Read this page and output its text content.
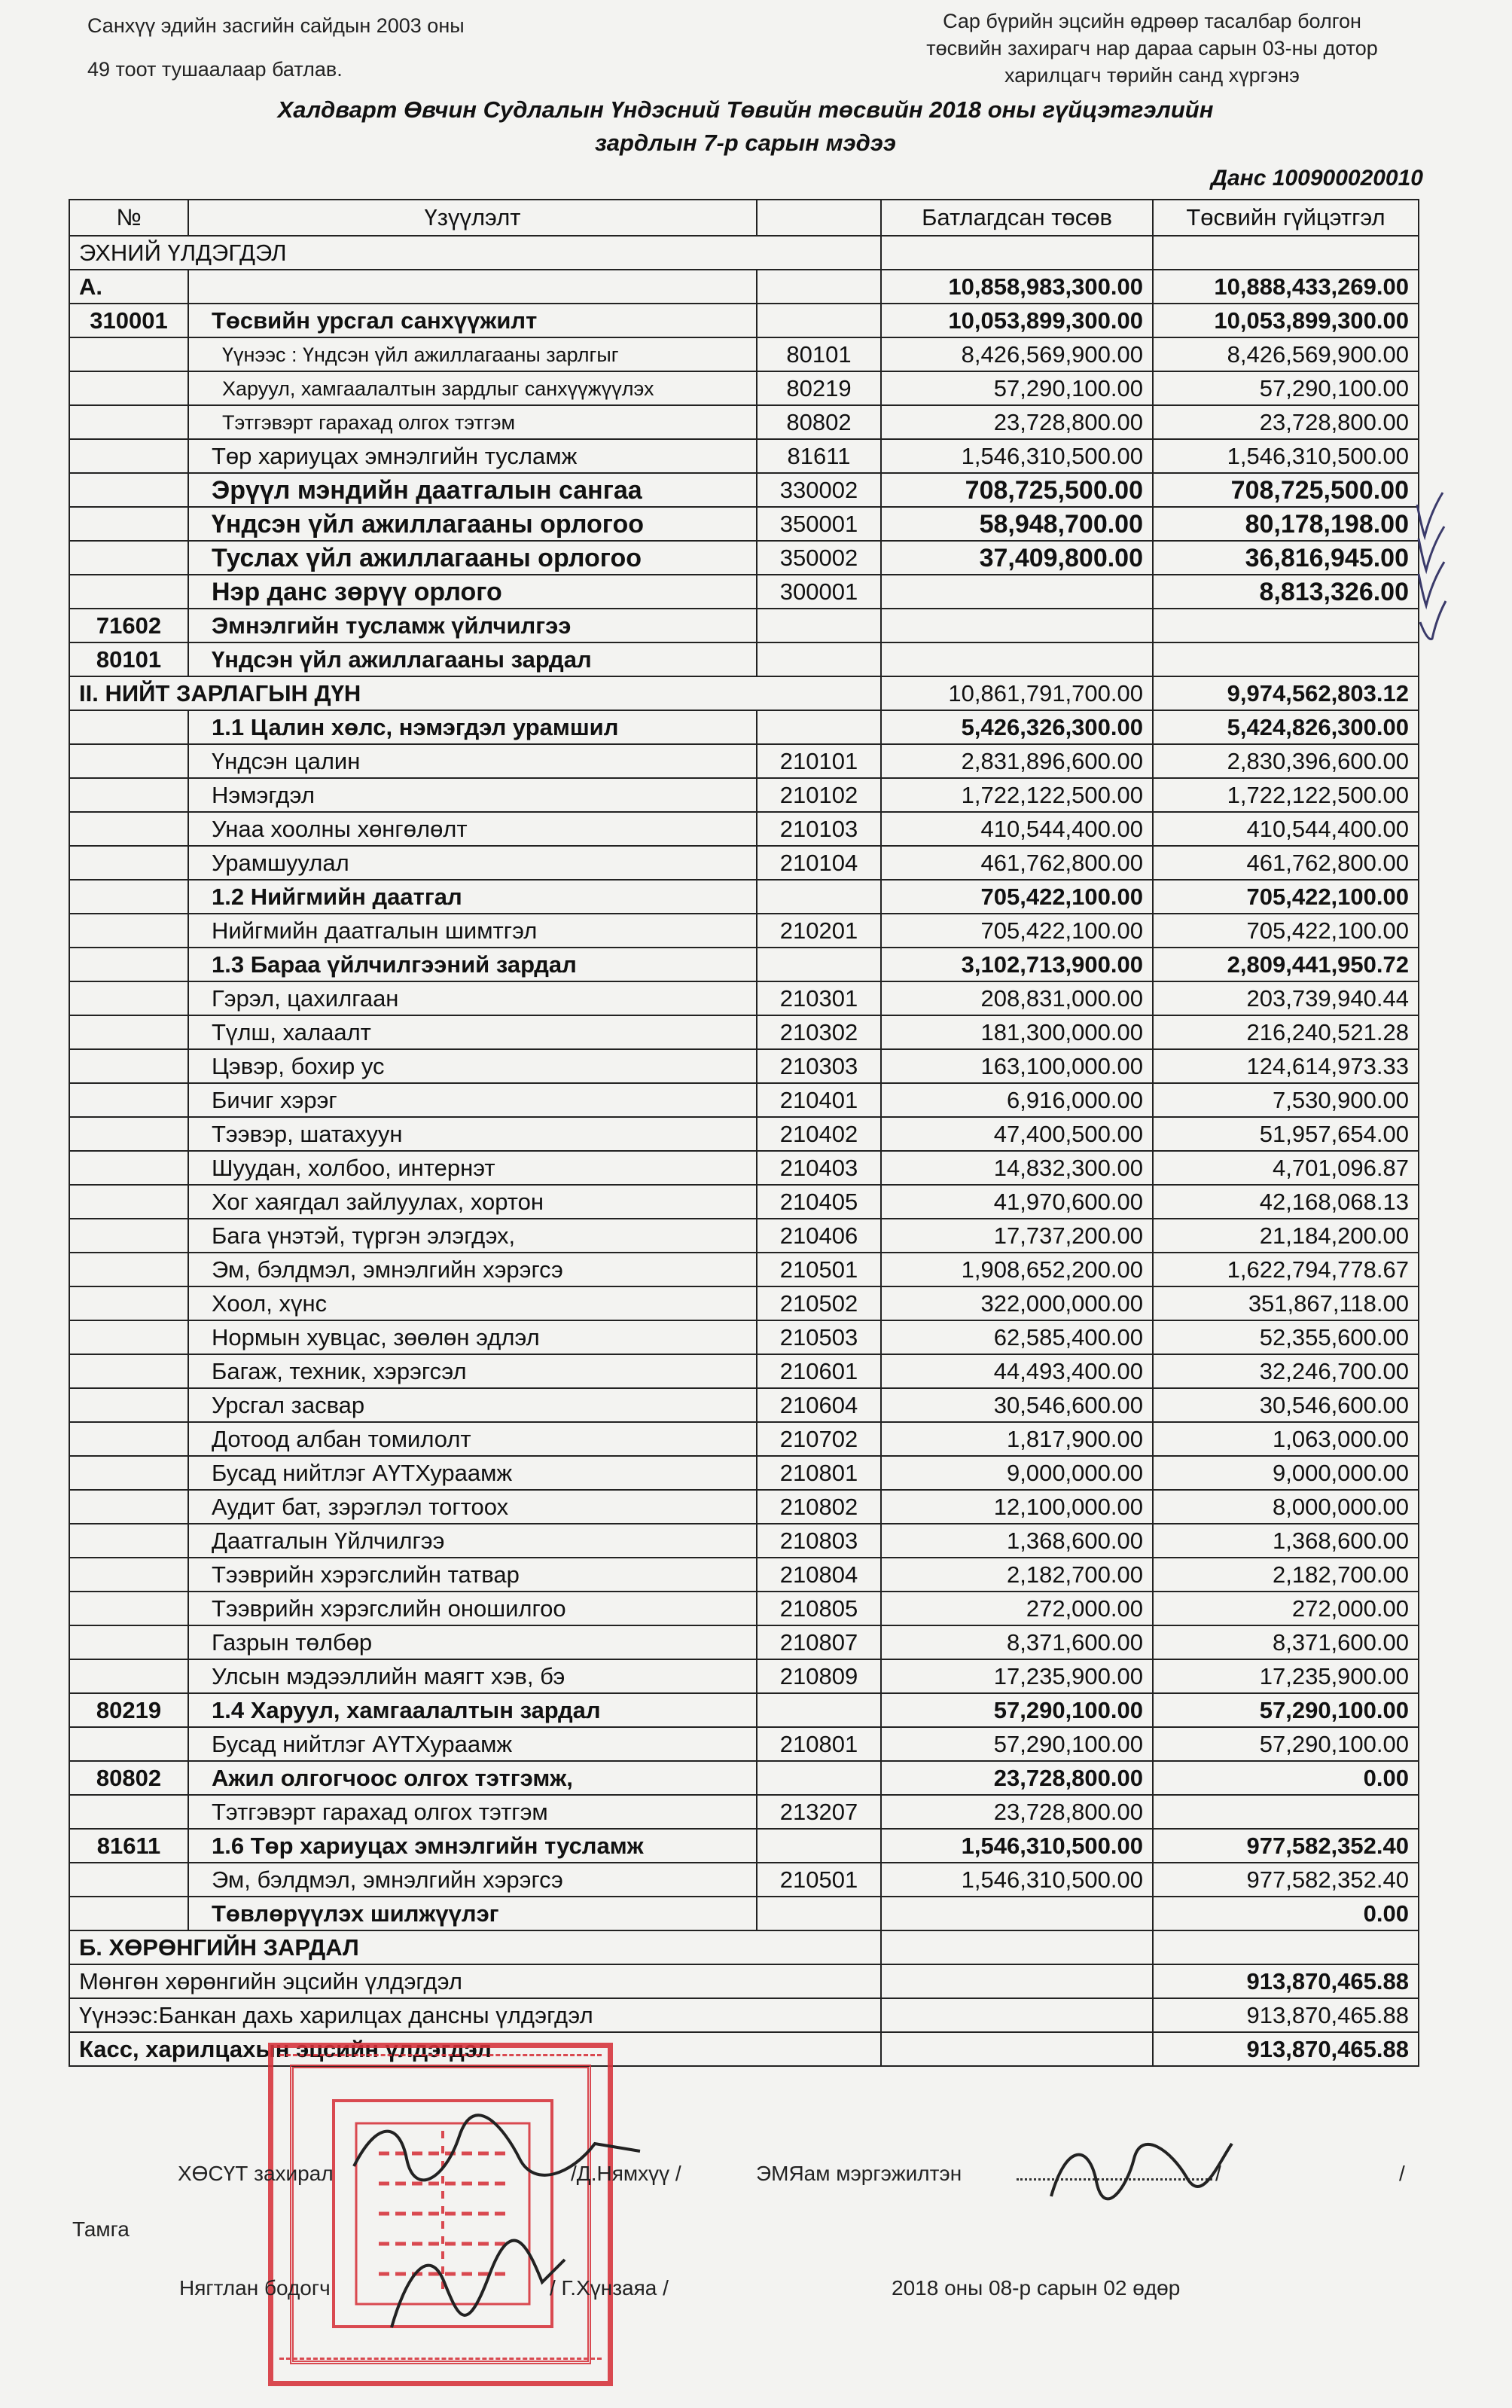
Санхүү эдийн засгийн сайдын 2003 оны
49 тоот тушаалаар батлав.
Сар бүрийн эцсийн өдрөөр тасалбар болгон
төсвийн захирагч нар дараа сарын 03-ны дотор
харилцагч төрийн санд хүргэнэ
Халдварт Өвчин Судлалын Үндэсний Төвийн төсвийн 2018 оны гүйцэтгэлийн
зардлын 7-р сарын мэдээ
Данс 100900020010
№	Үзүүлэлт		Батлагдсан төсөв	Төсвийн гүйцэтгэл
ЭХНИЙ ҮЛДЭГДЭЛ				
А.			10,858,983,300.00	10,888,433,269.00
310001	Төсвийн урсгал санхүүжилт		10,053,899,300.00	10,053,899,300.00
	Үүнээс : Үндсэн үйл ажиллагааны зарлгыг	80101	8,426,569,900.00	8,426,569,900.00
	Харуул, хамгаалалтын зардлыг санхүүжүүлэх	80219	57,290,100.00	57,290,100.00
	Тэтгэвэрт гарахад олгох тэтгэм	80802	23,728,800.00	23,728,800.00
	Төр хариуцах эмнэлгийн тусламж	81611	1,546,310,500.00	1,546,310,500.00
	Эрүүл мэндийн даатгалын сангаа	330002	708,725,500.00	708,725,500.00
	Үндсэн үйл ажиллагааны орлогоо	350001	58,948,700.00	80,178,198.00
	Туслах үйл ажиллагааны орлогоо	350002	37,409,800.00	36,816,945.00
	Нэр данс зөрүү орлого	300001		8,813,326.00
71602	Эмнэлгийн тусламж үйлчилгээ			
80101	Үндсэн үйл ажиллагааны зардал			
II. НИЙТ ЗАРЛАГЫН ДҮН			10,861,791,700.00	9,974,562,803.12
	1.1 Цалин хөлс, нэмэгдэл урамшил		5,426,326,300.00	5,424,826,300.00
	Үндсэн цалин	210101	2,831,896,600.00	2,830,396,600.00
	Нэмэгдэл	210102	1,722,122,500.00	1,722,122,500.00
	Унаа хоолны хөнгөлөлт	210103	410,544,400.00	410,544,400.00
	Урамшуулал	210104	461,762,800.00	461,762,800.00
	1.2 Нийгмийн даатгал		705,422,100.00	705,422,100.00
	Нийгмийн даатгалын шимтгэл	210201	705,422,100.00	705,422,100.00
	1.3 Бараа үйлчилгээний зардал		3,102,713,900.00	2,809,441,950.72
	Гэрэл, цахилгаан	210301	208,831,000.00	203,739,940.44
	Түлш, халаалт	210302	181,300,000.00	216,240,521.28
	Цэвэр, бохир ус	210303	163,100,000.00	124,614,973.33
	Бичиг хэрэг	210401	6,916,000.00	7,530,900.00
	Тээвэр, шатахуун	210402	47,400,500.00	51,957,654.00
	Шуудан, холбоо, интернэт	210403	14,832,300.00	4,701,096.87
	Хог хаягдал зайлуулах, хортон	210405	41,970,600.00	42,168,068.13
	Бага үнэтэй, түргэн элэгдэх,	210406	17,737,200.00	21,184,200.00
	Эм, бэлдмэл, эмнэлгийн хэрэгсэ	210501	1,908,652,200.00	1,622,794,778.67
	Хоол, хүнс	210502	322,000,000.00	351,867,118.00
	Нормын хувцас, зөөлөн эдлэл	210503	62,585,400.00	52,355,600.00
	Багаж, техник, хэрэгсэл	210601	44,493,400.00	32,246,700.00
	Урсгал засвар	210604	30,546,600.00	30,546,600.00
	Дотоод албан томилолт	210702	1,817,900.00	1,063,000.00
	Бусад нийтлэг АҮТХураамж	210801	9,000,000.00	9,000,000.00
	Аудит бат, зэрэглэл тогтоох	210802	12,100,000.00	8,000,000.00
	Даатгалын Үйлчилгээ	210803	1,368,600.00	1,368,600.00
	Тээврийн хэрэгслийн татвар	210804	2,182,700.00	2,182,700.00
	Тээврийн хэрэгслийн оношилгоо	210805	272,000.00	272,000.00
	Газрын төлбөр	210807	8,371,600.00	8,371,600.00
	Улсын мэдээллийн маягт хэв, бэ	210809	17,235,900.00	17,235,900.00
80219	1.4 Харуул, хамгаалалтын зардал		57,290,100.00	57,290,100.00
	Бусад нийтлэг АҮТХураамж	210801	57,290,100.00	57,290,100.00
80802	Ажил олгогчоос олгох тэтгэмж,		23,728,800.00	0.00
	Тэтгэвэрт гарахад олгох тэтгэм	213207	23,728,800.00	
81611	1.6 Төр хариуцах эмнэлгийн тусламж		1,546,310,500.00	977,582,352.40
	Эм, бэлдмэл, эмнэлгийн хэрэгсэ	210501	1,546,310,500.00	977,582,352.40
	Төвлөрүүлэх шилжүүлэг			0.00
Б. ХӨРӨНГИЙН ЗАРДАЛ				
Мөнгөн хөрөнгийн эцсийн үлдэгдэл				913,870,465.88
Үүнээс:Банкан дахь харилцах дансны үлдэгдэл				913,870,465.88
Касс, харилцахын эцсийн үлдэгдэл				913,870,465.88
ХӨСҮТ захирал	/Д.Нямхүү /	ЭМЯам мэргэжилтэн	/	/
Тамга
Нягтлан бодогч	/ Г.Хүнзаяа /	2018 оны 08-р сарын 02 өдөр
